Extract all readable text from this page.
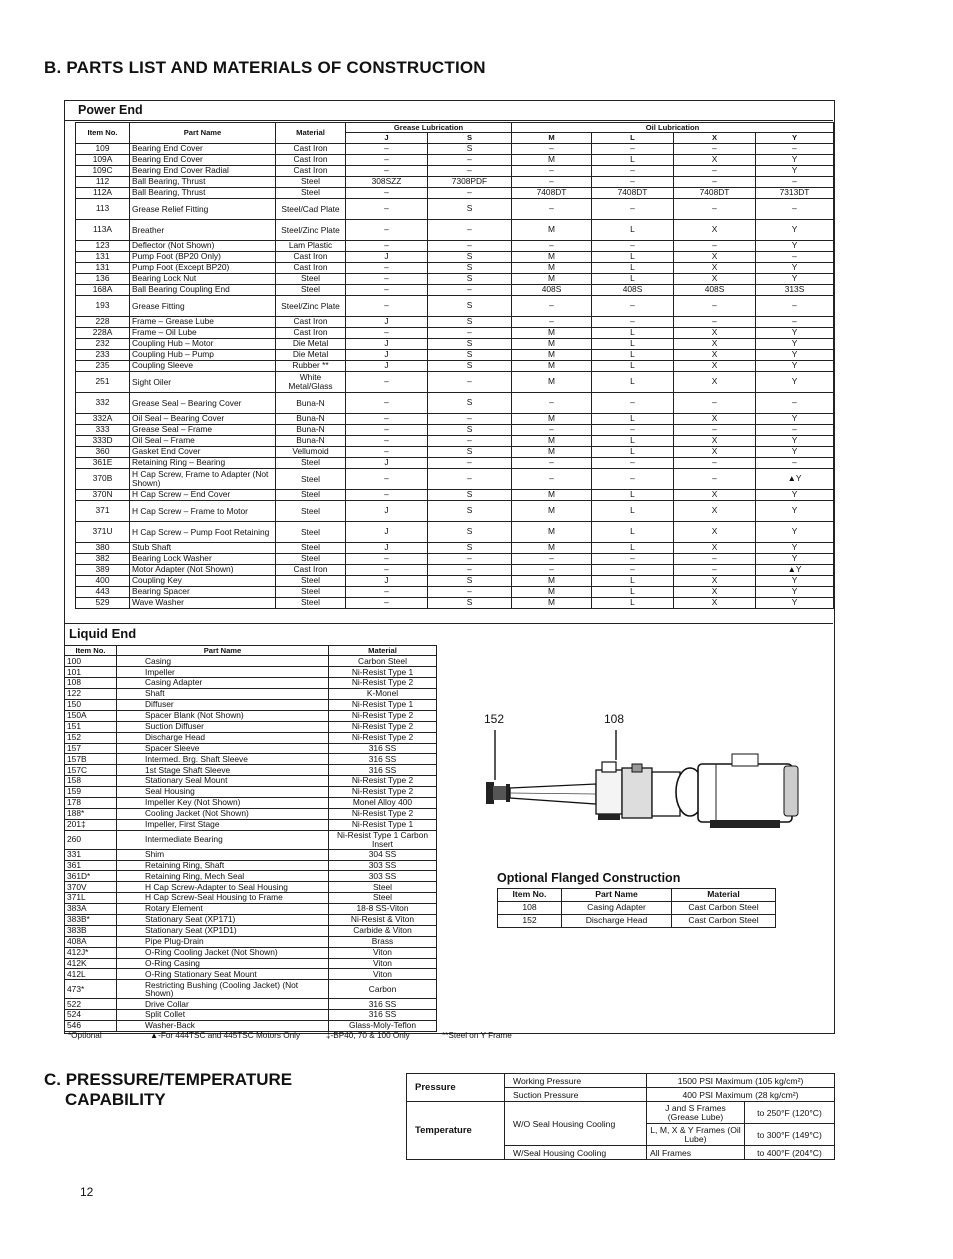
B. PARTS LIST AND MATERIALS OF CONSTRUCTION
Power End
Item No.	Part Name	Material	Grease Lubrication		Oil Lubrication			
			J	S	M	L	X	Y
109	Bearing End Cover	Cast Iron	–	S	–	–	–	–
109A	Bearing End Cover	Cast Iron	–	–	M	L	X	Y
109C	Bearing End Cover Radial	Cast Iron	–	–	–	–	–	Y
112	Ball Bearing, Thrust	Steel	308SZZ	7308PDF	–	–	–	–
112A	Ball Bearing, Thrust	Steel	–	–	7408DT	7408DT	7408DT	7313DT
113	Grease Relief Fitting	Steel/Cad Plate	–	S	–	–	–	–
113A	Breather	Steel/Zinc Plate	–	–	M	L	X	Y
123	Deflector (Not Shown)	Lam Plastic	–	–	–	–	–	Y
131	Pump Foot (BP20 Only)	Cast Iron	J	S	M	L	X	–
131	Pump Foot (Except BP20)	Cast Iron	–	S	M	L	X	Y
136	Bearing Lock Nut	Steel	–	S	M	L	X	Y
168A	Ball Bearing Coupling End	Steel	–	–	408S	408S	408S	313S
193	Grease Fitting	Steel/Zinc Plate	–	S	–	–	–	–
228	Frame – Grease Lube	Cast Iron	J	S	–	–	–	–
228A	Frame – Oil Lube	Cast Iron	–	–	M	L	X	Y
232	Coupling Hub – Motor	Die Metal	J	S	M	L	X	Y
233	Coupling Hub – Pump	Die Metal	J	S	M	L	X	Y
235	Coupling Sleeve	Rubber **	J	S	M	L	X	Y
251	Sight Oiler	White Metal/Glass	–	–	M	L	X	Y
332	Grease Seal – Bearing Cover	Buna-N	–	S	–	–	–	–
332A	Oil Seal – Bearing Cover	Buna-N	–	–	M	L	X	Y
333	Grease Seal – Frame	Buna-N	–	S	–	–	–	–
333D	Oil Seal – Frame	Buna-N	–	–	M	L	X	Y
360	Gasket End Cover	Vellumoid	–	S	M	L	X	Y
361E	Retaining Ring – Bearing	Steel	J	–	–	–	–	–
370B	H Cap Screw, Frame to Adapter (Not Shown)	Steel	–	–	–	–	–	▲Y
370N	H Cap Screw – End Cover	Steel	–	S	M	L	X	Y
371	H Cap Screw – Frame to Motor	Steel	J	S	M	L	X	Y
371U	H Cap Screw – Pump Foot Retaining	Steel	J	S	M	L	X	Y
380	Stub Shaft	Steel	J	S	M	L	X	Y
382	Bearing Lock Washer	Steel	–	–	–	–	–	Y
389	Motor Adapter (Not Shown)	Cast Iron	–	–	–	–	–	▲Y
400	Coupling Key	Steel	J	S	M	L	X	Y
443	Bearing Spacer	Steel	–	–	M	L	X	Y
529	Wave Washer	Steel	–	S	M	L	X	Y
Liquid End
Item No.	Part Name	Material
100	Casing	Carbon Steel
101	Impeller	Ni-Resist Type 1
108	Casing Adapter	Ni-Resist Type 2
122	Shaft	K-Monel
150	Diffuser	Ni-Resist Type 1
150A	Spacer Blank (Not Shown)	Ni-Resist Type 2
151	Suction Diffuser	Ni-Resist Type 2
152	Discharge Head	Ni-Resist Type 2
157	Spacer Sleeve	316 SS
157B	Intermed. Brg. Shaft Sleeve	316 SS
157C	1st Stage Shaft Sleeve	316 SS
158	Stationary Seal Mount	Ni-Resist Type 2
159	Seal Housing	Ni-Resist Type 2
178	Impeller Key (Not Shown)	Monel Alloy 400
188*	Cooling Jacket (Not Shown)	Ni-Resist Type 2
201‡	Impeller, First Stage	Ni-Resist Type 1
260	Intermediate Bearing	Ni-Resist Type 1 Carbon Insert
331	Shim	304 SS
361	Retaining Ring, Shaft	303 SS
361D*	Retaining Ring, Mech Seal	303 SS
370V	H Cap Screw-Adapter to Seal Housing	Steel
371L	H Cap Screw-Seal Housing to Frame	Steel
383A	Rotary Element	18-8 SS-Viton
383B*	Stationary Seat (XP171)	Ni-Resist & Viton
383B	Stationary Seat (XP1D1)	Carbide & Viton
408A	Pipe Plug-Drain	Brass
412J*	O-Ring Cooling Jacket (Not Shown)	Viton
412K	O-Ring Casing	Viton
412L	O-Ring Stationary Seat Mount	Viton
473*	Restricting Bushing (Cooling Jacket) (Not Shown)	Carbon
522	Drive Collar	316 SS
524	Split Collet	316 SS
546	Washer-Back	Glass-Moly-Teflon
152	108
Optional Flanged Construction
Item No.	Part Name	Material
108	Casing Adapter	Cast Carbon Steel
152	Discharge Head	Cast Carbon Steel
*Optional	▲-For 444TSC and 445TSC Motors Only	‡-BP40, 70 & 100 Only	**Steel on Y Frame
C. PRESSURE/TEMPERATURE
CAPABILITY
Pressure	Working Pressure	1500 PSI Maximum (105 kg/cm²)	
	Suction Pressure	400 PSI Maximum (28 kg/cm²)	
Temperature	W/O Seal Housing Cooling	J and S Frames (Grease Lube)	to 250°F (120°C)
		L, M, X & Y Frames (Oil Lube)	to 300°F (149°C)
	W/Seal Housing Cooling	All Frames	to 400°F (204°C)
12
